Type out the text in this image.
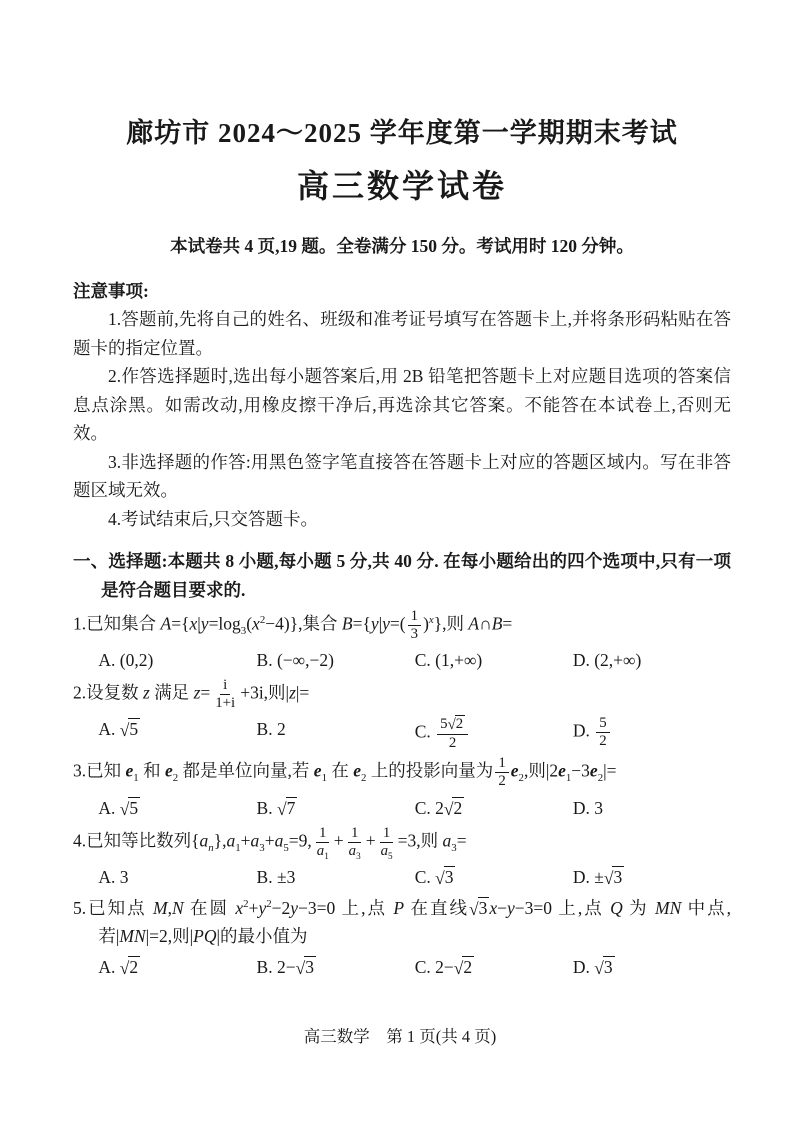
廊坊市 2024～2025 学年度第一学期期末考试
高三数学试卷
本试卷共 4 页,19 题。全卷满分 150 分。考试用时 120 分钟。
注意事项:

1.答题前,先将自己的姓名、班级和准考证号填写在答题卡上,并将条形码粘贴在答题卡的指定位置。

2.作答选择题时,选出每小题答案后,用 2B 铅笔把答题卡上对应题目选项的答案信息点涂黑。如需改动,用橡皮擦干净后,再选涂其它答案。不能答在本试卷上,否则无效。

3.非选择题的作答:用黑色签字笔直接答在答题卡上对应的答题区域内。写在非答题区域无效。

4.考试结束后,只交答题卡。

一、选择题:本题共 8 小题,每小题 5 分,共 40 分. 在每小题给出的四个选项中,只有一项是符合题目要求的.
1.已知集合 $A=\{x|y=\log_3(x^2-4)\}$,集合 $B=\{y|y=( \frac{1}{3} )^x\}$,则 A∩B=
A. (0,2)	B. (−∞,−2)	C. (1,+∞)	D. (2,+∞)
2.设复数 z 满足 $z= \frac{i}{1+i} +3i$,则|z|=
A. √5	B. 2	C. $\frac{5√2}{2}$	D. $\frac{5}{2}$
3.已知 $e_1$ 和 $e_2$ 都是单位向量,若 $e_1$ 在 $e_2$ 上的投影向量为 $\frac{1}{2} e_2$,则$|2e_1-3e_2|=$
A. √5	B. √7	C. 2√2	D. 3
4.已知等比数列$\{a_n\},a_1+a_3+a_5=9$, $\frac{1}{a_1} + \frac{1}{a_3} + \frac{1}{a_5} =3$,则 $a_3=$
A. 3	B. ±3	C. √3	D. ±√3
5.已知点 M,N 在圆 $x^2+y^2-2y-3=0$ 上,点 P 在直线√3 x−y−3=0 上,点 Q 为 MN 中点,若|MN|=2,则|PQ|的最小值为
A. √2	B. 2−√3	C. 2−√2	D. √3
高三数学　第 1 页(共 4 页)
